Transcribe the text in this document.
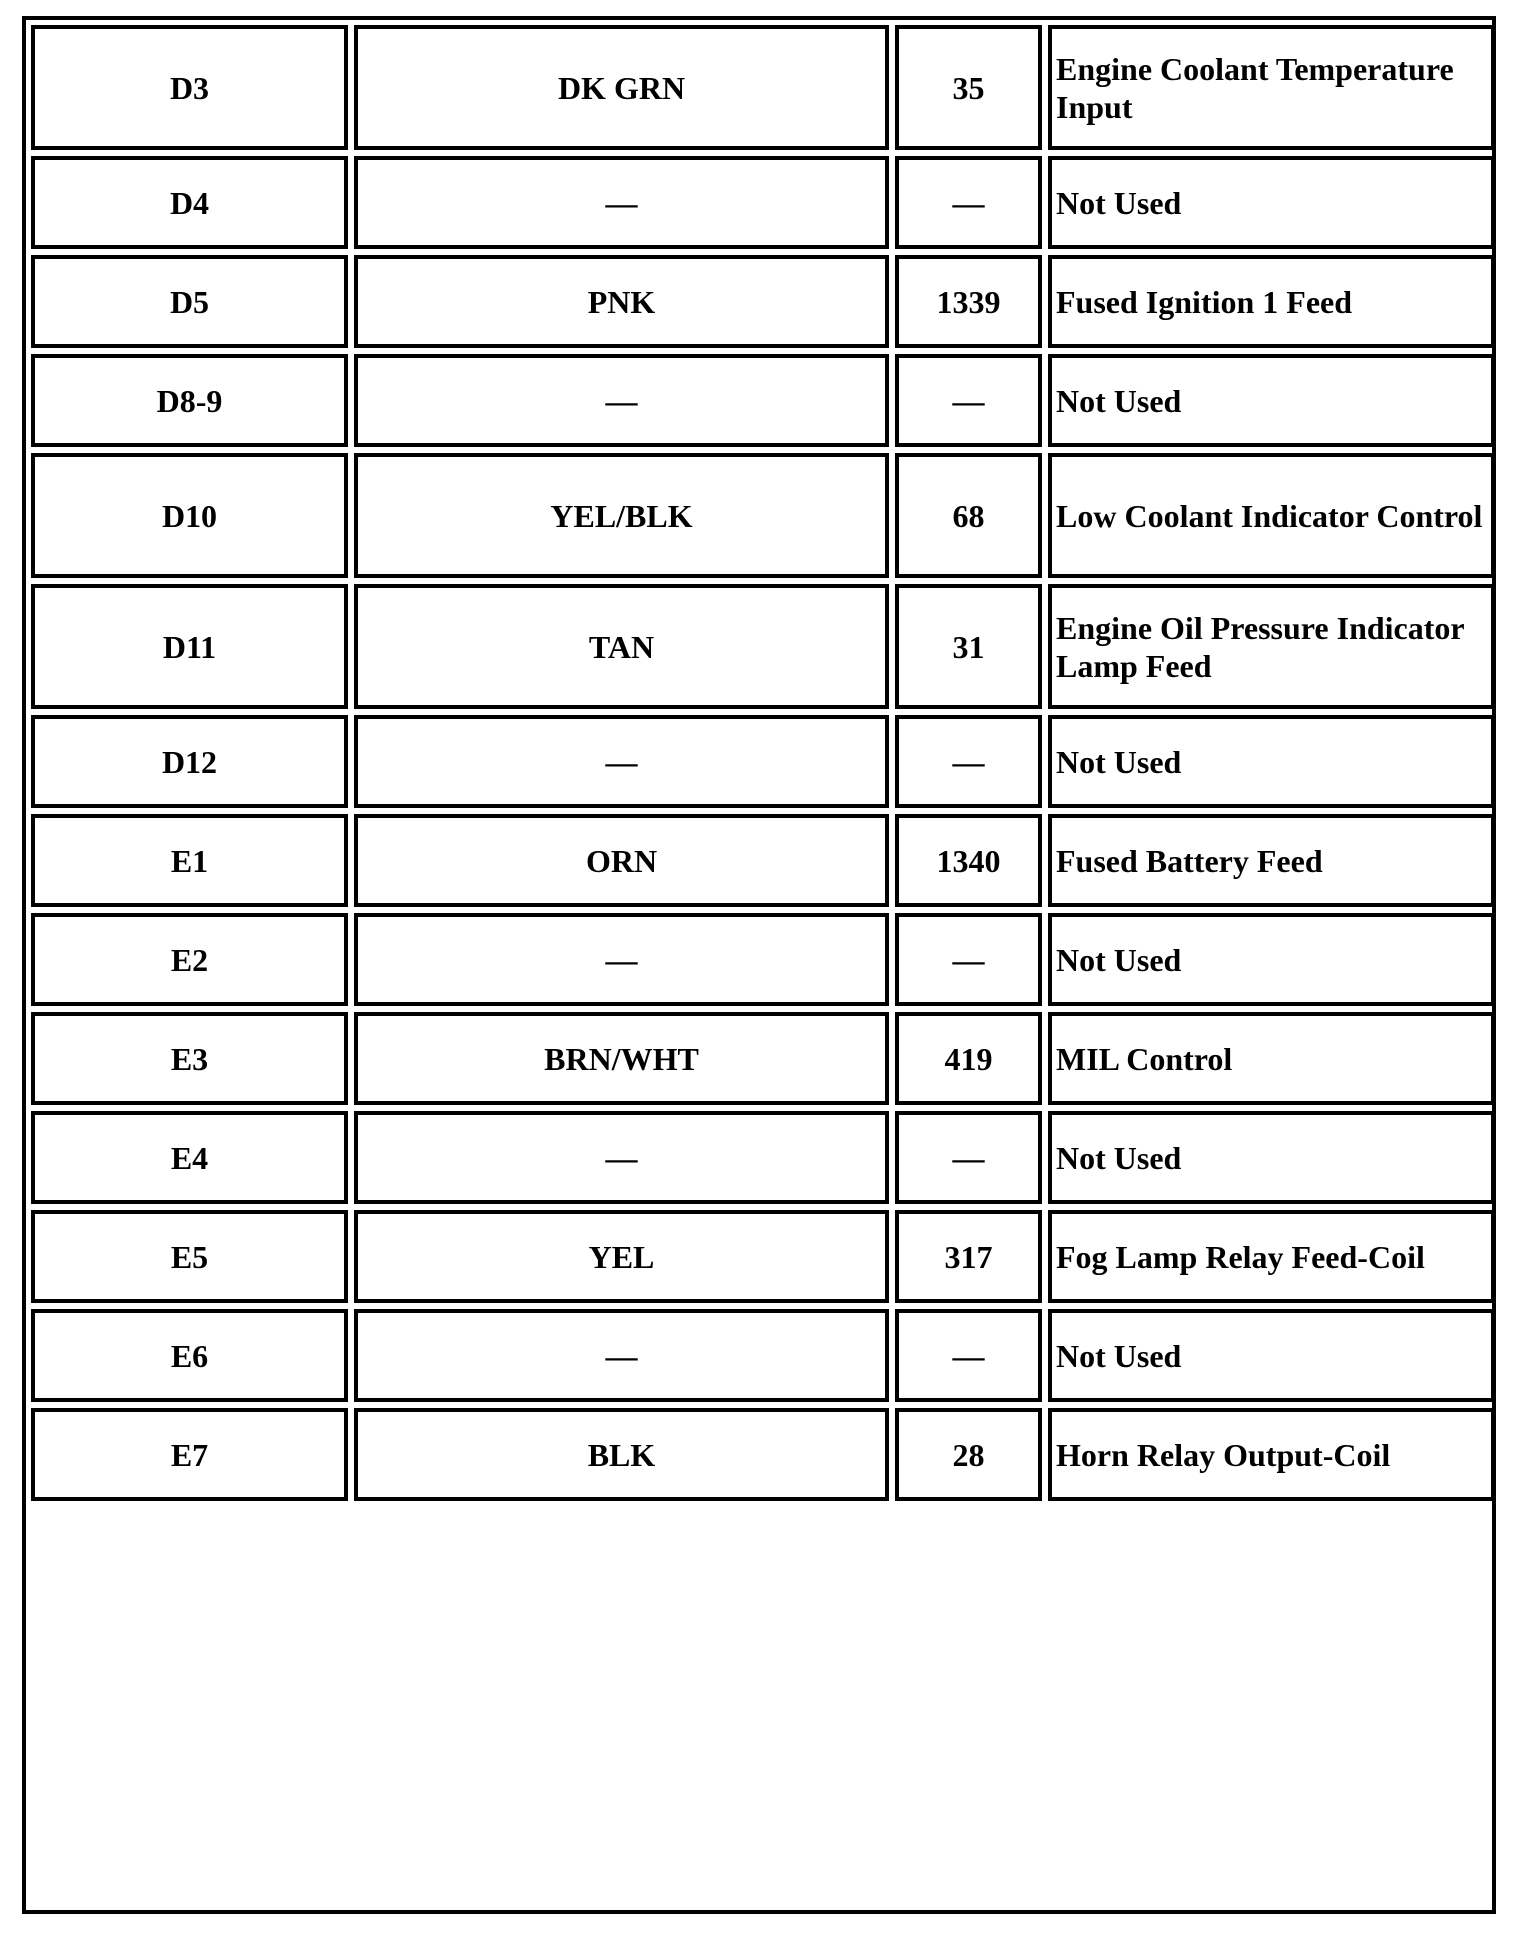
D3	DK GRN	35	Engine Coolant Temperature Input
D4	—	—	Not Used
D5	PNK	1339	Fused Ignition 1 Feed
D8-9	—	—	Not Used
D10	YEL/BLK	68	Low Coolant Indicator Control
D11	TAN	31	Engine Oil Pressure Indicator Lamp Feed
D12	—	—	Not Used
E1	ORN	1340	Fused Battery Feed
E2	—	—	Not Used
E3	BRN/WHT	419	MIL Control
E4	—	—	Not Used
E5	YEL	317	Fog Lamp Relay Feed-Coil
E6	—	—	Not Used
E7	BLK	28	Horn Relay Output-Coil
